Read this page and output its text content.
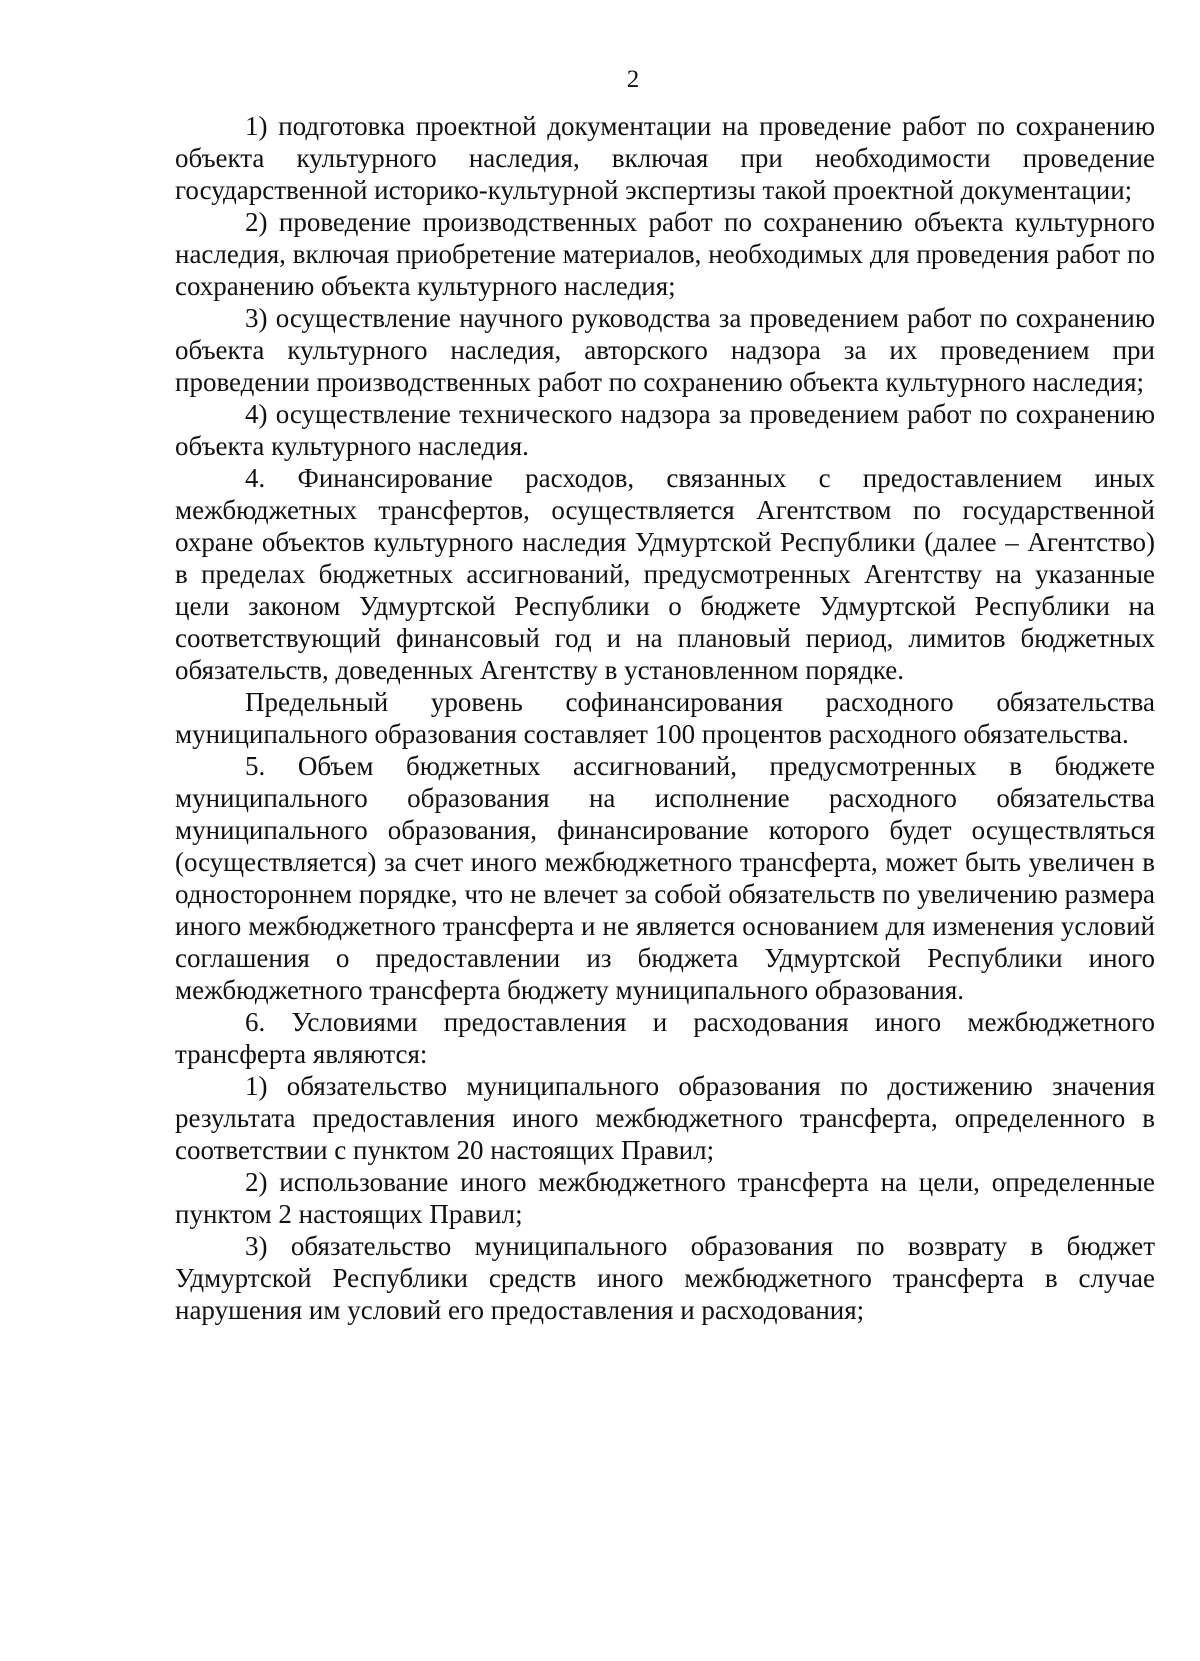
2

1) подготовка проектной документации на проведение работ по сохранению объекта культурного наследия, включая при необходимости проведение государственной историко-культурной экспертизы такой проектной документации;

2) проведение производственных работ по сохранению объекта культурного наследия, включая приобретение материалов, необходимых для проведения работ по сохранению объекта культурного наследия;

3) осуществление научного руководства за проведением работ по сохранению объекта культурного наследия, авторского надзора за их проведением при проведении производственных работ по сохранению объекта культурного наследия;

4) осуществление технического надзора за проведением работ по сохранению объекта культурного наследия.

4. Финансирование расходов, связанных с предоставлением иных межбюджетных трансфертов, осуществляется Агентством по государственной охране объектов культурного наследия Удмуртской Республики (далее – Агентство) в пределах бюджетных ассигнований, предусмотренных Агентству на указанные цели законом Удмуртской Республики о бюджете Удмуртской Республики на соответствующий финансовый год и на плановый период, лимитов бюджетных обязательств, доведенных Агентству в установленном порядке.

Предельный уровень софинансирования расходного обязательства муниципального образования составляет 100 процентов расходного обязательства.

5. Объем бюджетных ассигнований, предусмотренных в бюджете муниципального образования на исполнение расходного обязательства муниципального образования, финансирование которого будет осуществляться (осуществляется) за счет иного межбюджетного трансферта, может быть увеличен в одностороннем порядке, что не влечет за собой обязательств по увеличению размера иного межбюджетного трансферта и не является основанием для изменения условий соглашения о предоставлении из бюджета Удмуртской Республики иного межбюджетного трансферта бюджету муниципального образования.

6. Условиями предоставления и расходования иного межбюджетного трансферта являются:

1) обязательство муниципального образования по достижению значения результата предоставления иного межбюджетного трансферта, определенного в соответствии с пунктом 20 настоящих Правил;

2) использование иного межбюджетного трансферта на цели, определенные пунктом 2 настоящих Правил;

3) обязательство муниципального образования по возврату в бюджет Удмуртской Республики средств иного межбюджетного трансферта в случае нарушения им условий его предоставления и расходования;
